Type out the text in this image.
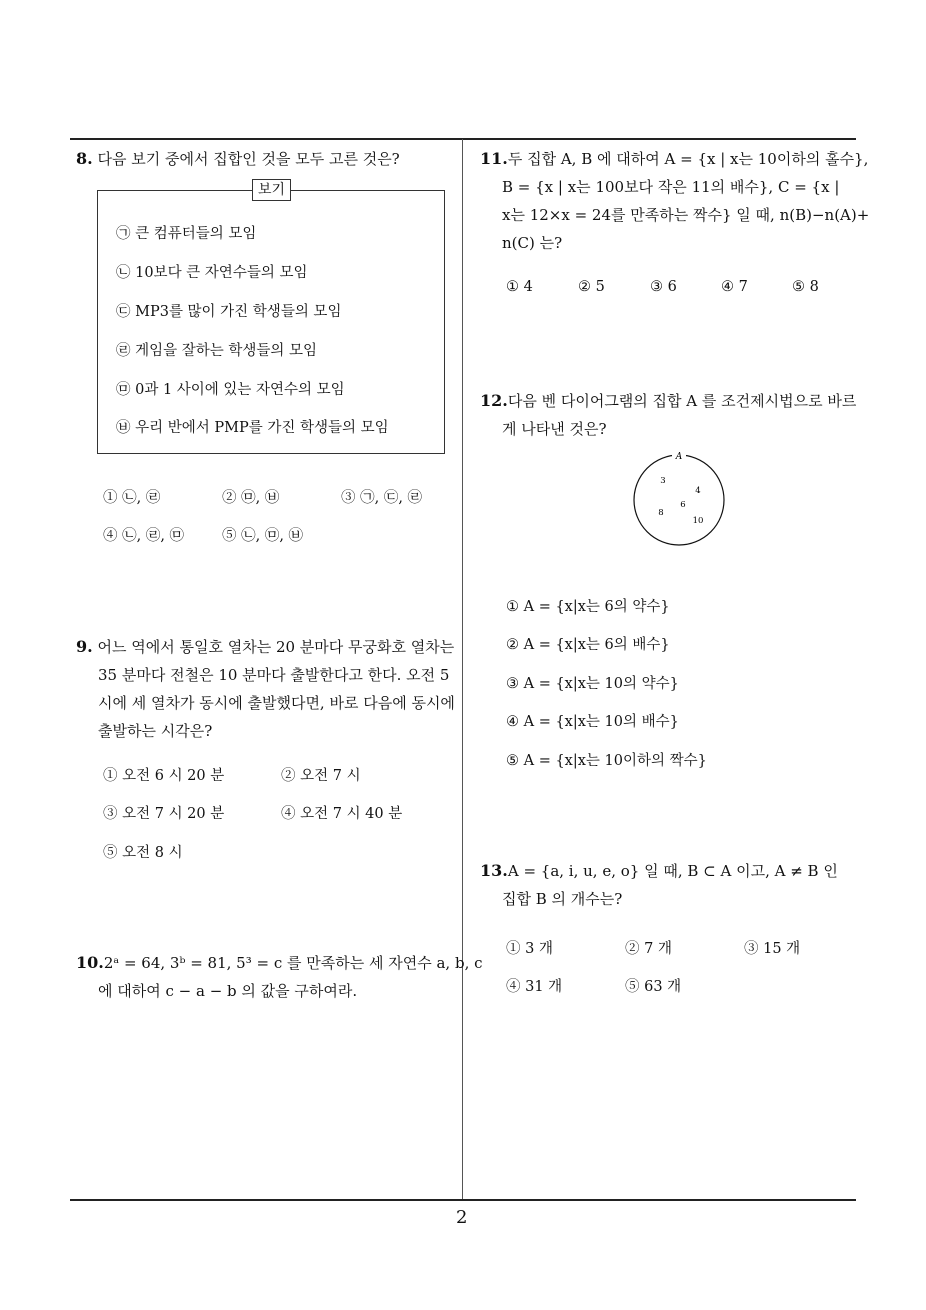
8. 다음 보기 중에서 집합인 것을 모두 고른 것은?
보기
㉠ 큰 컴퓨터들의 모임
㉡ 10보다 큰 자연수들의 모임
㉢ MP3를 많이 가진 학생들의 모임
㉣ 게임을 잘하는 학생들의 모임
㉤ 0과 1 사이에 있는 자연수의 모임
㉥ 우리 반에서 PMP를 가진 학생들의 모임
① ㉡, ㉣	② ㉤, ㉥	③ ㉠, ㉢, ㉣
④ ㉡, ㉣, ㉤	⑤ ㉡, ㉤, ㉥
9. 어느 역에서 통일호 열차는 20 분마다 무궁화호 열차는
35 분마다 전철은 10 분마다 출발한다고 한다. 오전 5
시에 세 열차가 동시에 출발했다면, 바로 다음에 동시에
출발하는 시각은?
① 오전 6 시 20 분	② 오전 7 시
③ 오전 7 시 20 분	④ 오전 7 시 40 분
⑤ 오전 8 시
10.2ᵃ = 64, 3ᵇ = 81, 5³ = c 를 만족하는 세 자연수 a, b, c
에 대하여 c − a − b 의 값을 구하여라.
11.두 집합 A, B 에 대하여 A = {x | x는 10이하의 홀수},
B = {x | x는 100보다 작은 11의 배수}, C = {x |
x는 12×x = 24를 만족하는 짝수} 일 때, n(B)−n(A)+
n(C) 는?
① 4	② 5	③ 6	④ 7	⑤ 8
12.다음 벤 다이어그램의 집합 A 를 조건제시법으로 바르
게 나타낸 것은?
A
3
4
6
8
10
① A = {x|x는 6의 약수}
② A = {x|x는 6의 배수}
③ A = {x|x는 10의 약수}
④ A = {x|x는 10의 배수}
⑤ A = {x|x는 10이하의 짝수}
13.A = {a, i, u, e, o} 일 때, B ⊂ A 이고, A ≠ B 인
집합 B 의 개수는?
① 3 개	② 7 개	③ 15 개
④ 31 개	⑤ 63 개
2
